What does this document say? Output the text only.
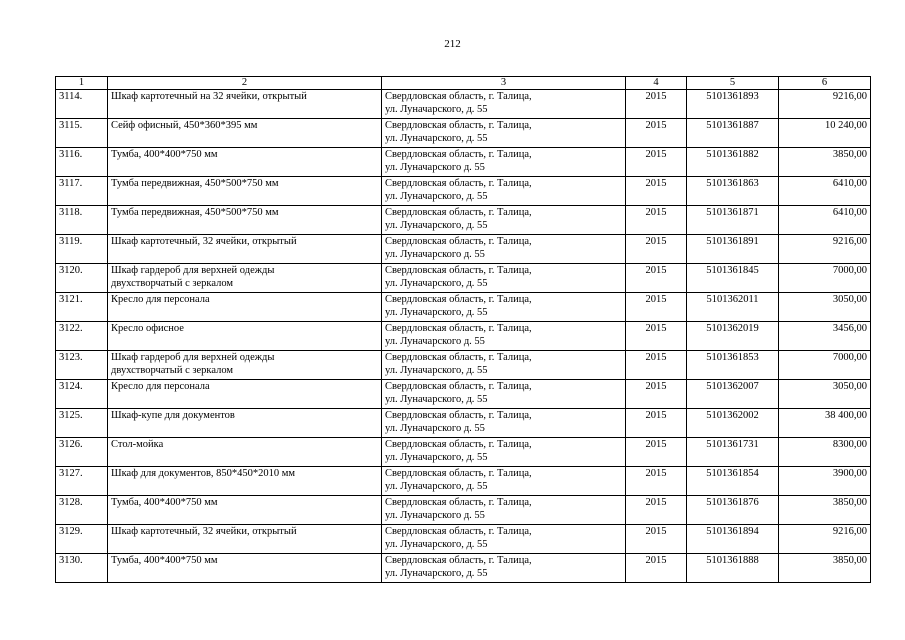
212
1	2	3	4	5	6
3114.	Шкаф картотечный на 32 ячейки, открытый	Свердловская область, г. Талица,
ул. Луначарского, д. 55	2015	5101361893	9216,00
3115.	Сейф офисный, 450*360*395 мм	Свердловская область, г. Талица,
ул. Луначарского, д. 55	2015	5101361887	10 240,00
3116.	Тумба, 400*400*750 мм	Свердловская область, г. Талица,
ул. Луначарского д. 55	2015	5101361882	3850,00
3117.	Тумба передвижная, 450*500*750 мм	Свердловская область, г. Талица,
ул. Луначарского, д. 55	2015	5101361863	6410,00
3118.	Тумба передвижная, 450*500*750 мм	Свердловская область, г. Талица,
ул. Луначарского, д. 55	2015	5101361871	6410,00
3119.	Шкаф картотечный, 32 ячейки, открытый	Свердловская область, г. Талица,
ул. Луначарского д. 55	2015	5101361891	9216,00
3120.	Шкаф гардероб для верхней одежды
двухстворчатый с зеркалом	Свердловская область, г. Талица,
ул. Луначарского, д. 55	2015	5101361845	7000,00
3121.	Кресло для персонала	Свердловская область, г. Талица,
ул. Луначарского, д. 55	2015	5101362011	3050,00
3122.	Кресло офисное	Свердловская область, г. Талица,
ул. Луначарского д. 55	2015	5101362019	3456,00
3123.	Шкаф гардероб для верхней одежды
двухстворчатый с зеркалом	Свердловская область, г. Талица,
ул. Луначарского, д. 55	2015	5101361853	7000,00
3124.	Кресло для персонала	Свердловская область, г. Талица,
ул. Луначарского, д. 55	2015	5101362007	3050,00
3125.	Шкаф-купе для документов	Свердловская область, г. Талица,
ул. Луначарского д. 55	2015	5101362002	38 400,00
3126.	Стол-мойка	Свердловская область, г. Талица,
ул. Луначарского, д. 55	2015	5101361731	8300,00
3127.	Шкаф для документов, 850*450*2010 мм	Свердловская область, г. Талица,
ул. Луначарского, д. 55	2015	5101361854	3900,00
3128.	Тумба, 400*400*750 мм	Свердловская область, г. Талица,
ул. Луначарского д. 55	2015	5101361876	3850,00
3129.	Шкаф картотечный, 32 ячейки, открытый	Свердловская область, г. Талица,
ул. Луначарского, д. 55	2015	5101361894	9216,00
3130.	Тумба, 400*400*750 мм	Свердловская область, г. Талица,
ул. Луначарского, д. 55	2015	5101361888	3850,00
